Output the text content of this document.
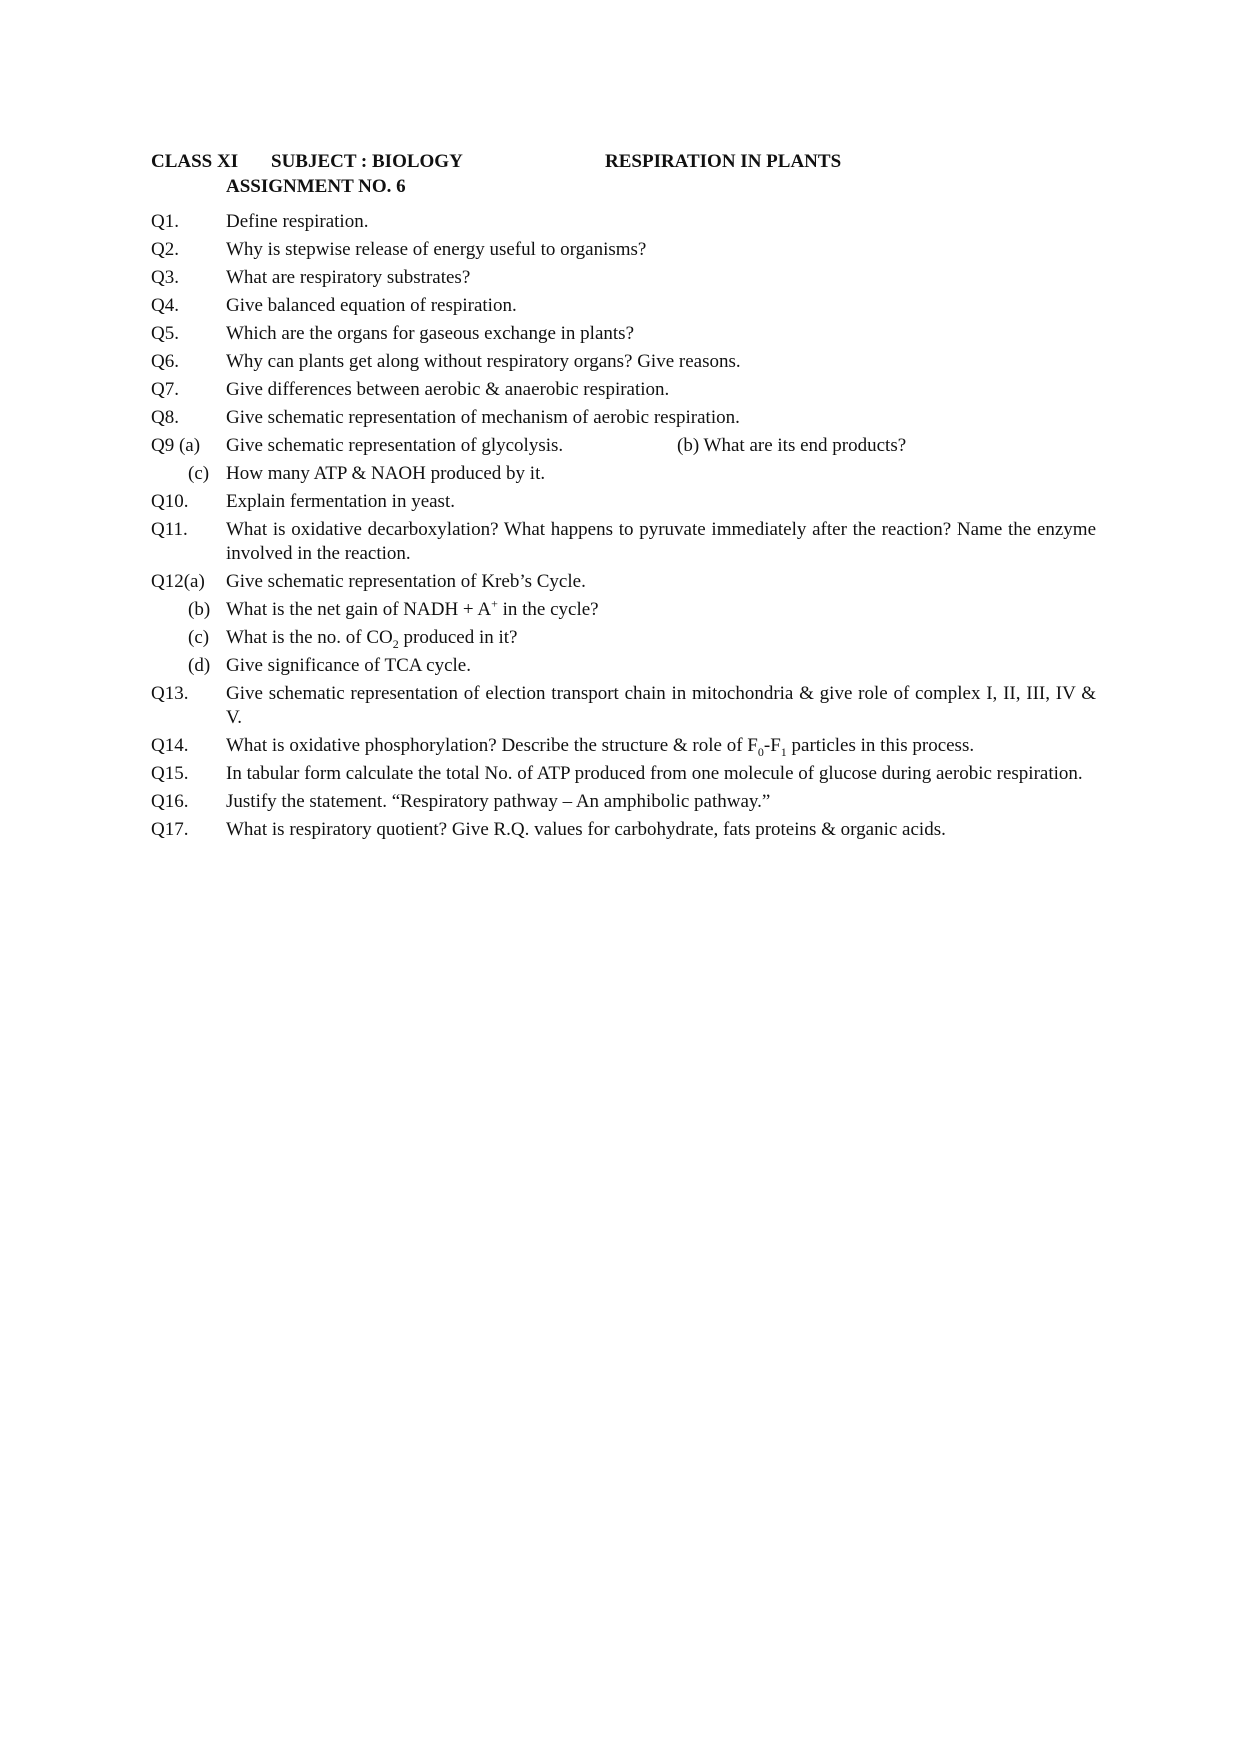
CLASS XI SUBJECT : BIOLOGY	RESPIRATION IN PLANTS
ASSIGNMENT NO. 6
Q1. Define respiration.
Q2. Why is stepwise release of energy useful to organisms?
Q3. What are respiratory substrates?
Q4. Give balanced equation of respiration.
Q5. Which are the organs for gaseous exchange in plants?
Q6. Why can plants get along without respiratory organs? Give reasons.
Q7. Give differences between aerobic & anaerobic respiration.
Q8. Give schematic representation of mechanism of aerobic respiration.
Q9 (a) Give schematic representation of glycolysis.	(b) What are its end products?
(c) How many ATP & NAOH produced by it.
Q10. Explain fermentation in yeast.
Q11. What is oxidative decarboxylation? What happens to pyruvate immediately after the reaction? Name the enzyme involved in the reaction.
Q12(a) Give schematic representation of Kreb’s Cycle.
(b) What is the net gain of NADH + A+ in the cycle?
(c) What is the no. of $CO_2$ produced in it?
(d) Give significance of TCA cycle.
Q13. Give schematic representation of election transport chain in mitochondria & give role of complex I, II, III, IV & V.
Q14. What is oxidative phosphorylation? Describe the structure & role of $F_0-F_1$ particles in this process.
Q15. In tabular form calculate the total No. of ATP produced from one molecule of glucose during aerobic respiration.
Q16. Justify the statement. “Respiratory pathway – An amphibolic pathway.”
Q17. What is respiratory quotient? Give R.Q. values for carbohydrate, fats proteins & organic acids.
